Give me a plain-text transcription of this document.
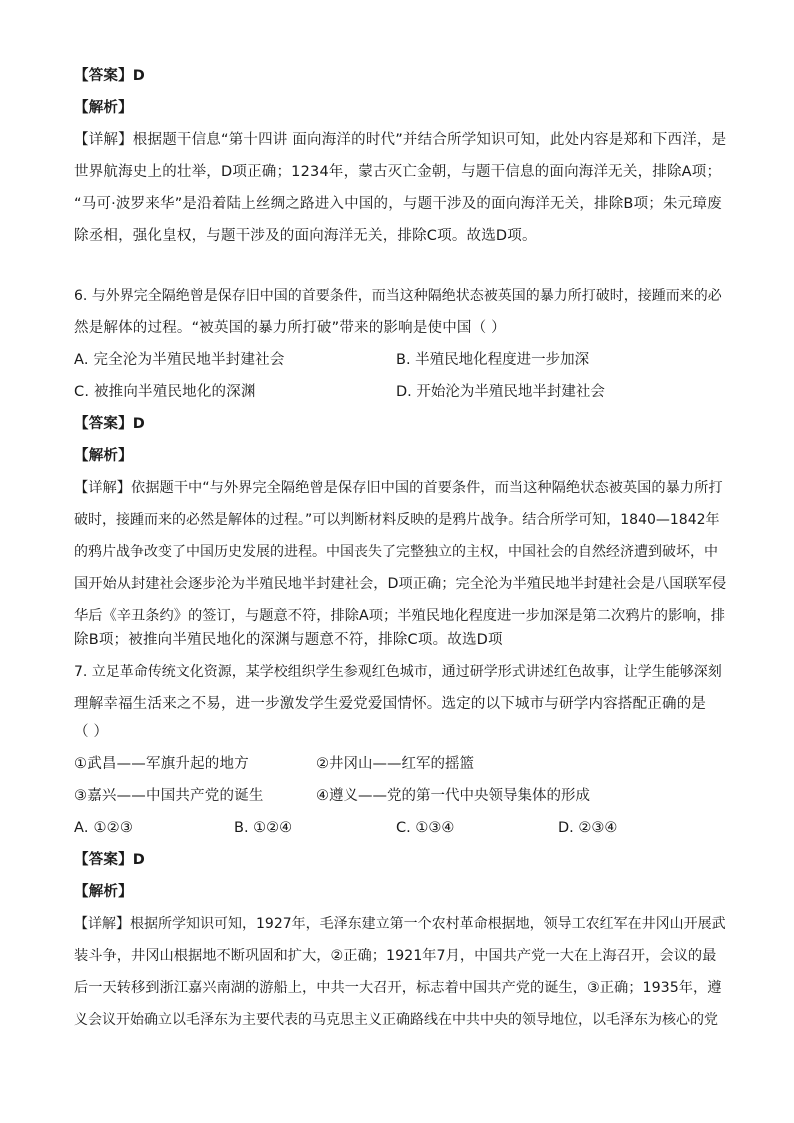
【答案】D
【解析】
【详解】根据题干信息“第十四讲 面向海洋的时代”并结合所学知识可知，此处内容是郑和下西洋，是
世界航海史上的壮举，D项正确；1234年，蒙古灭亡金朝，与题干信息的面向海洋无关，排除A项；
“马可·波罗来华”是沿着陆上丝绸之路进入中国的，与题干涉及的面向海洋无关，排除B项；朱元璋废
除丞相，强化皇权，与题干涉及的面向海洋无关，排除C项。故选D项。
6. 与外界完全隔绝曾是保存旧中国的首要条件，而当这种隔绝状态被英国的暴力所打破时，接踵而来的必
然是解体的过程。“被英国的暴力所打破”带来的影响是使中国（ ）
A. 完全沦为半殖民地半封建社会	B. 半殖民地化程度进一步加深
C. 被推向半殖民地化的深渊	D. 开始沦为半殖民地半封建社会
【答案】D
【解析】
【详解】依据题干中“与外界完全隔绝曾是保存旧中国的首要条件，而当这种隔绝状态被英国的暴力所打
破时，接踵而来的必然是解体的过程。”可以判断材料反映的是鸦片战争。结合所学可知，1840—1842年
的鸦片战争改变了中国历史发展的进程。中国丧失了完整独立的主权，中国社会的自然经济遭到破坏，中
国开始从封建社会逐步沦为半殖民地半封建社会，D项正确；完全沦为半殖民地半封建社会是八国联军侵
华后《辛丑条约》的签订，与题意不符，排除A项；半殖民地化程度进一步加深是第二次鸦片的影响，排
除B项；被推向半殖民地化的深渊与题意不符，排除C项。故选D项
7. 立足革命传统文化资源，某学校组织学生参观红色城市，通过研学形式讲述红色故事，让学生能够深刻
理解幸福生活来之不易，进一步激发学生爱党爱国情怀。选定的以下城市与研学内容搭配正确的是
（ ）
①武昌——军旗升起的地方	②井冈山——红军的摇篮
③嘉兴——中国共产党的诞生	④遵义——党的第一代中央领导集体的形成
A. ①②③	B. ①②④	C. ①③④	D. ②③④
【答案】D
【解析】
【详解】根据所学知识可知，1927年，毛泽东建立第一个农村革命根据地，领导工农红军在井冈山开展武
装斗争，井冈山根据地不断巩固和扩大，②正确；1921年7月，中国共产党一大在上海召开，会议的最
后一天转移到浙江嘉兴南湖的游船上，中共一大召开，标志着中国共产党的诞生，③正确；1935年，遵
义会议开始确立以毛泽东为主要代表的马克思主义正确路线在中共中央的领导地位，以毛泽东为核心的党
